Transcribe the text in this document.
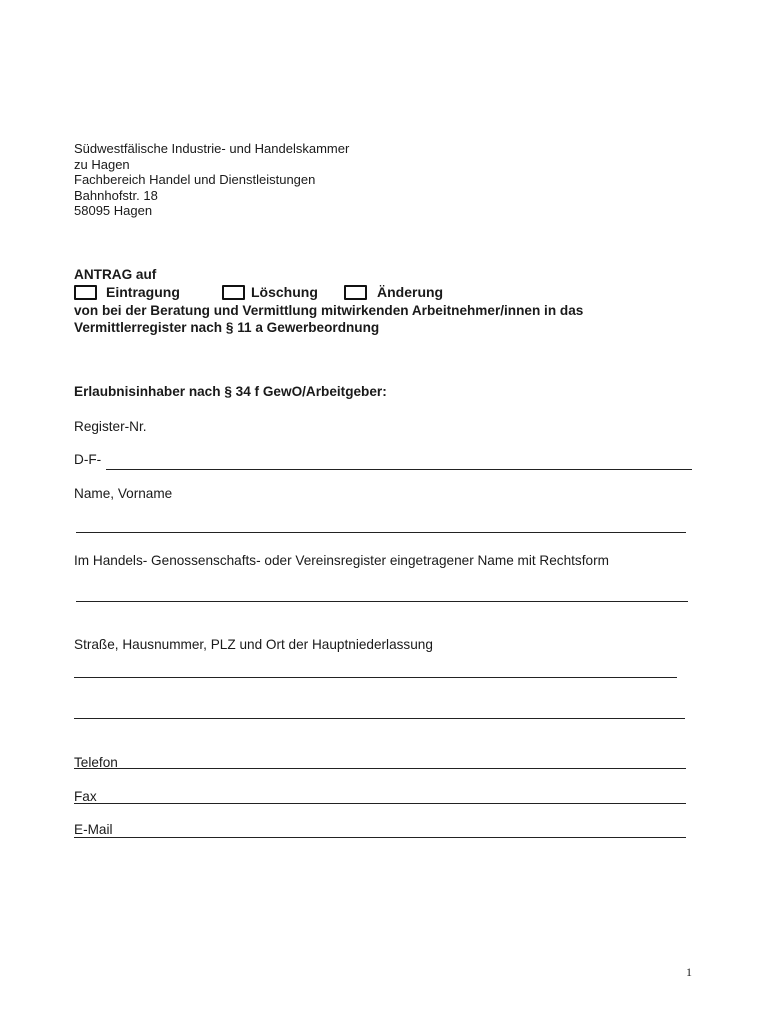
Südwestfälische Industrie- und Handelskammer
zu Hagen
Fachbereich Handel und Dienstleistungen
Bahnhofstr. 18
58095 Hagen
ANTRAG auf
Eintragung	Löschung	Änderung
von bei der Beratung und Vermittlung mitwirkenden Arbeitnehmer/innen in das
Vermittlerregister nach § 11 a Gewerbeordnung
Erlaubnisinhaber nach § 34 f GewO/Arbeitgeber:
Register-Nr.
D-F-
Name, Vorname
Im Handels- Genossenschafts- oder Vereinsregister eingetragener Name mit Rechtsform
Straße, Hausnummer, PLZ und Ort der Hauptniederlassung
Telefon
Fax
E-Mail
1
